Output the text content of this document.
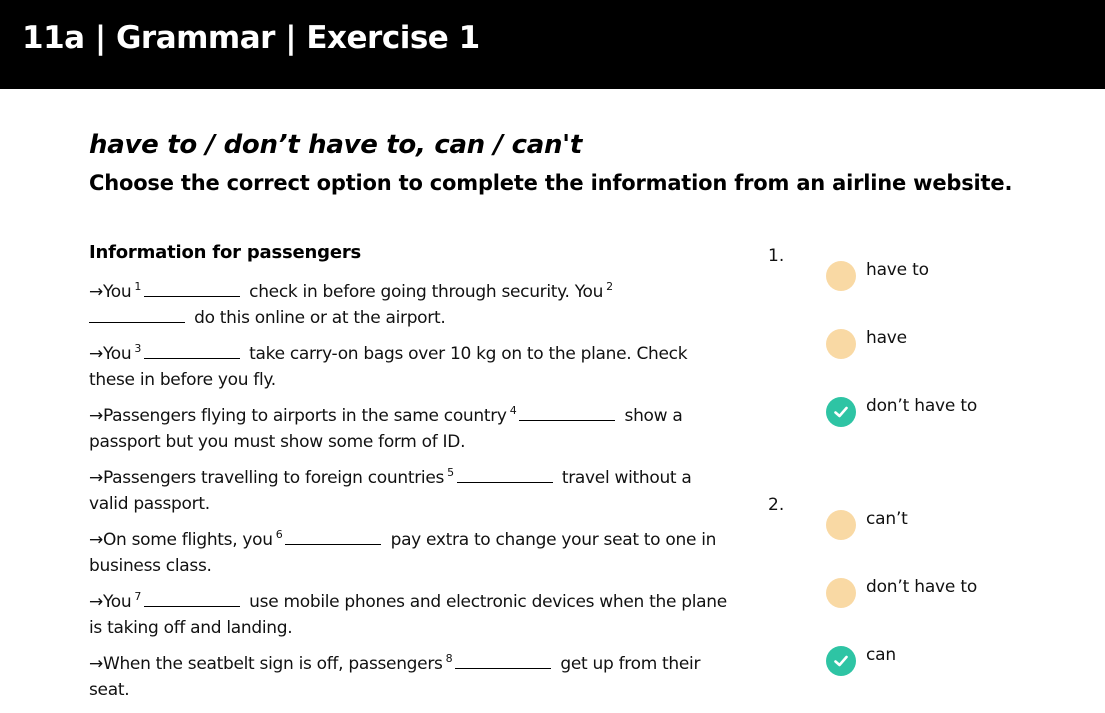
11a | Grammar | Exercise 1
have to / don’t have to, can / can't
Choose the correct option to complete the information from an airline website.
Information for passengers
→You $^1$	check in before going through security. You $^2$
do this online or at the airport.
→You $^3$	take carry-on bags over 10 kg on to the plane. Check these in before you fly.
→Passengers flying to airports in the same country $^4$	show a passport but you must show some form of ID.
→Passengers travelling to foreign countries $^5$	travel without a valid passport.
→On some flights, you $^6$	pay extra to change your seat to one in business class.
→You $^7$	use mobile phones and electronic devices when the plane is taking off and landing.
→When the seatbelt sign is off, passengers $^8$	get up from their seat.
1.
have to
have
don’t have to
2.
can’t
don’t have to
can
